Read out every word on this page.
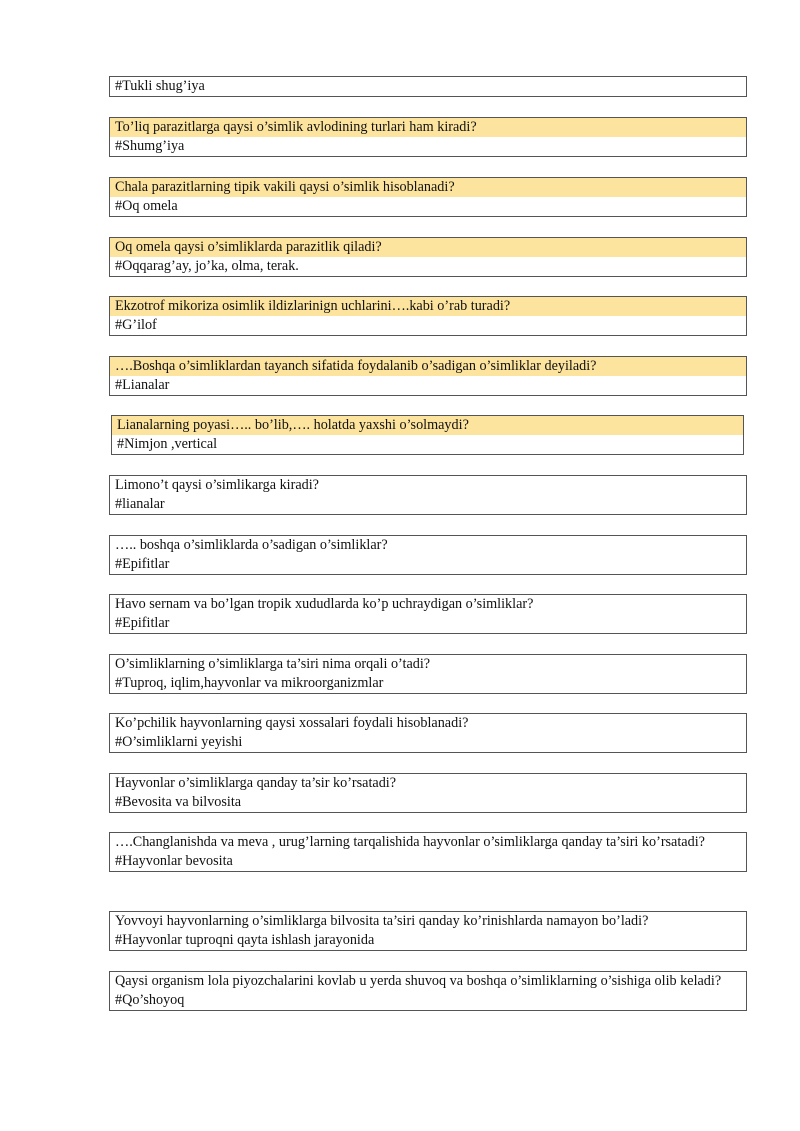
#Tukli shug’iya
To’liq parazitlarga qaysi o’simlik avlodining turlari ham kiradi?
#Shumg’iya
Chala parazitlarning tipik vakili qaysi o’simlik hisoblanadi?
#Oq omela
Oq omela qaysi o’simliklarda parazitlik qiladi?
#Oqqarag’ay, jo’ka, olma, terak.
Ekzotrof mikoriza osimlik ildizlarinign uchlarini….kabi o’rab turadi?
#G’ilof
….Boshqa o’simliklardan tayanch sifatida foydalanib o’sadigan o’simliklar deyiladi?
#Lianalar
Lianalarning poyasi….. bo’lib,…. holatda yaxshi o’solmaydi?
#Nimjon ,vertical
Limono’t qaysi o’simlikarga kiradi?
#lianalar
….. boshqa o’simliklarda o’sadigan o’simliklar?
#Epifitlar
Havo sernam va bo’lgan tropik xududlarda ko’p uchraydigan o’simliklar?
#Epifitlar
O’simliklarning o’simliklarga ta’siri nima orqali o’tadi?
#Tuproq, iqlim,hayvonlar va mikroorganizmlar
Ko’pchilik hayvonlarning qaysi xossalari foydali hisoblanadi?
#O’simliklarni yeyishi
Hayvonlar o’simliklarga qanday ta’sir ko’rsatadi?
#Bevosita va bilvosita
….Changlanishda va meva , urug’larning tarqalishida hayvonlar o’simliklarga qanday ta’siri ko’rsatadi?
#Hayvonlar bevosita
Yovvoyi hayvonlarning o’simliklarga bilvosita ta’siri qanday ko’rinishlarda namayon bo’ladi?
#Hayvonlar tuproqni qayta ishlash jarayonida
Qaysi organism lola piyozchalarini kovlab u yerda shuvoq va boshqa o’simliklarning o’sishiga olib keladi?
#Qo’shoyoq
